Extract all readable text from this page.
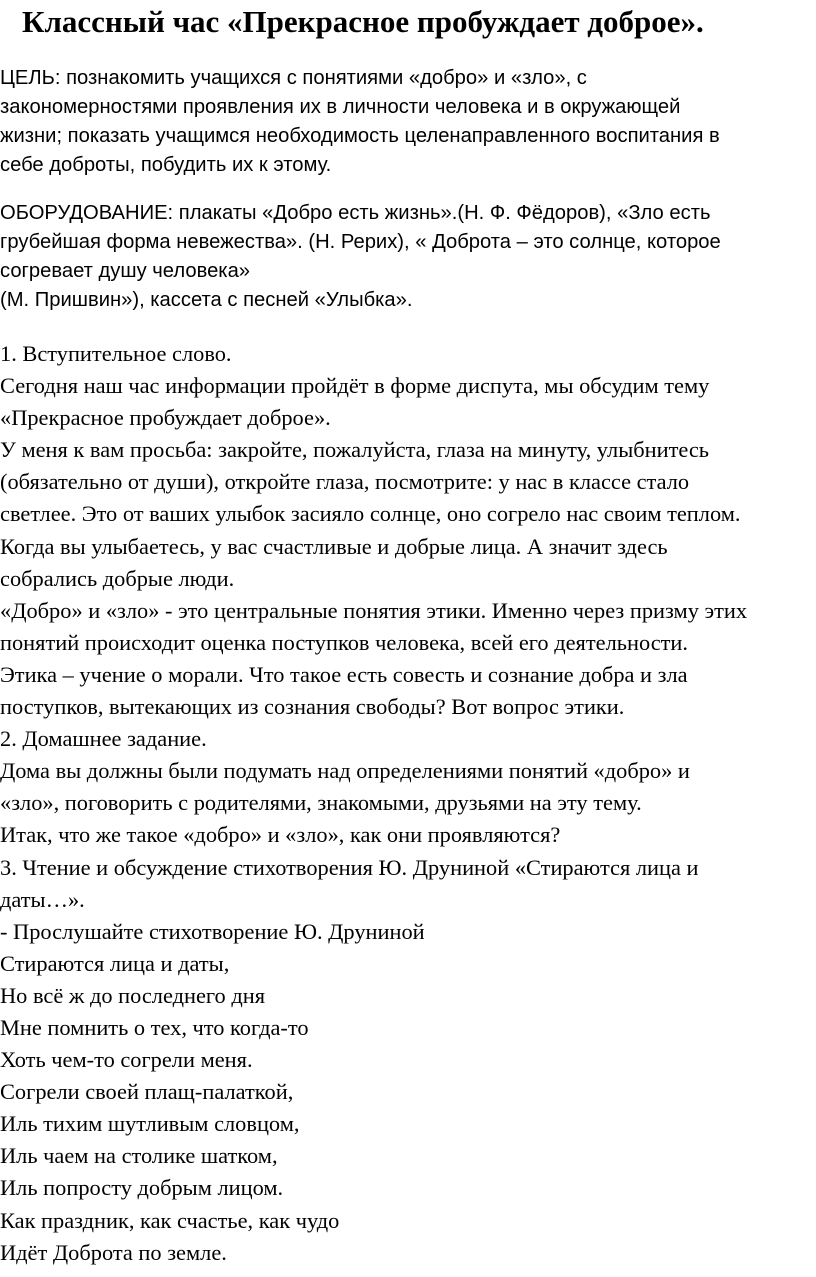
Классный час «Прекрасное пробуждает доброе».

ЦЕЛЬ: познакомить учащихся с понятиями «добро» и «зло», с
закономерностями проявления их в личности человека и в окружающей
жизни; показать учащимся необходимость целенаправленного воспитания в
себе доброты, побудить их к этому.

ОБОРУДОВАНИЕ: плакаты «Добро есть жизнь».(Н. Ф. Фёдоров), «Зло есть
грубейшая форма невежества». (Н. Рерих), « Доброта – это солнце, которое
согревает душу человека»
(М. Пришвин»), кассета с песней «Улыбка».

1. Вступительное слово.
Сегодня наш час информации пройдёт в форме диспута, мы обсудим тему
«Прекрасное пробуждает доброе».
У меня к вам просьба: закройте, пожалуйста, глаза на минуту, улыбнитесь
(обязательно от души), откройте глаза, посмотрите: у нас в классе стало
светлее. Это от ваших улыбок засияло солнце, оно согрело нас своим теплом.
Когда вы улыбаетесь, у вас счастливые и добрые лица. А значит здесь
собрались добрые люди.
«Добро» и «зло» - это центральные понятия этики. Именно через призму этих
понятий происходит оценка поступков человека, всей его деятельности.
Этика – учение о морали. Что такое есть совесть и сознание добра и зла
поступков, вытекающих из сознания свободы? Вот вопрос этики.
2. Домашнее задание.
Дома вы должны были подумать над определениями понятий «добро» и
«зло», поговорить с родителями, знакомыми, друзьями на эту тему.
Итак, что же такое «добро» и «зло», как они проявляются?
3. Чтение и обсуждение стихотворения Ю. Друниной «Стираются лица и
даты…».
- Прослушайте стихотворение Ю. Друниной
Стираются лица и даты,
Но всё ж до последнего дня
Мне помнить о тех, что когда-то
Хоть чем-то согрели меня.
Согрели своей плащ-палаткой,
Иль тихим шутливым словцом,
Иль чаем на столике шатком,
Иль попросту добрым лицом.
Как праздник, как счастье, как чудо
Идёт Доброта по земле.
